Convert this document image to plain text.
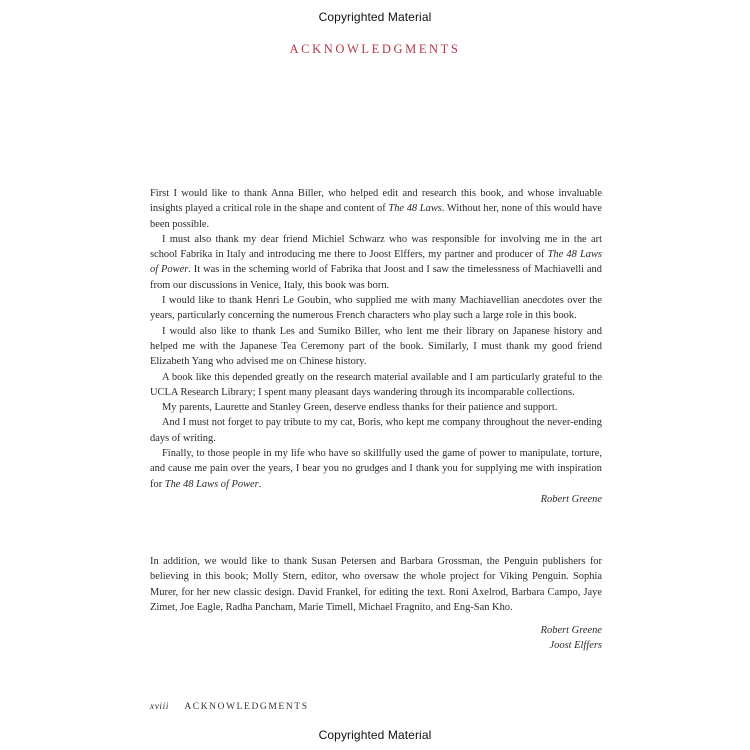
Copyrighted Material
ACKNOWLEDGMENTS

First I would like to thank Anna Biller, who helped edit and research this book, and whose invaluable insights played a critical role in the shape and content of The 48 Laws. Without her, none of this would have been possible.

I must also thank my dear friend Michiel Schwarz who was responsible for involving me in the art school Fabrika in Italy and introducing me there to Joost Elffers, my partner and producer of The 48 Laws of Power. It was in the scheming world of Fabrika that Joost and I saw the timelessness of Machiavelli and from our discussions in Venice, Italy, this book was born.

I would like to thank Henri Le Goubin, who supplied me with many Machiavellian anecdotes over the years, particularly concerning the numerous French characters who play such a large role in this book.

I would also like to thank Les and Sumiko Biller, who lent me their library on Japanese history and helped me with the Japanese Tea Ceremony part of the book. Similarly, I must thank my good friend Elizabeth Yang who advised me on Chinese history.

A book like this depended greatly on the research material available and I am particularly grateful to the UCLA Research Library; I spent many pleasant days wandering through its incomparable collections.

My parents, Laurette and Stanley Green, deserve endless thanks for their patience and support.

And I must not forget to pay tribute to my cat, Boris, who kept me company throughout the never-ending days of writing.

Finally, to those people in my life who have so skillfully used the game of power to manipulate, torture, and cause me pain over the years, I bear you no grudges and I thank you for supplying me with inspiration for The 48 Laws of Power.

Robert Greene

In addition, we would like to thank Susan Petersen and Barbara Grossman, the Penguin publishers for believing in this book; Molly Stern, editor, who oversaw the whole project for Viking Penguin. Sophia Murer, for her new classic design. David Frankel, for editing the text. Roni Axelrod, Barbara Campo, Jaye Zimet, Joe Eagle, Radha Pancham, Marie Timell, Michael Fragnito, and Eng-San Kho.

Robert Greene
Joost Elffers
xviii ACKNOWLEDGMENTS
Copyrighted Material
